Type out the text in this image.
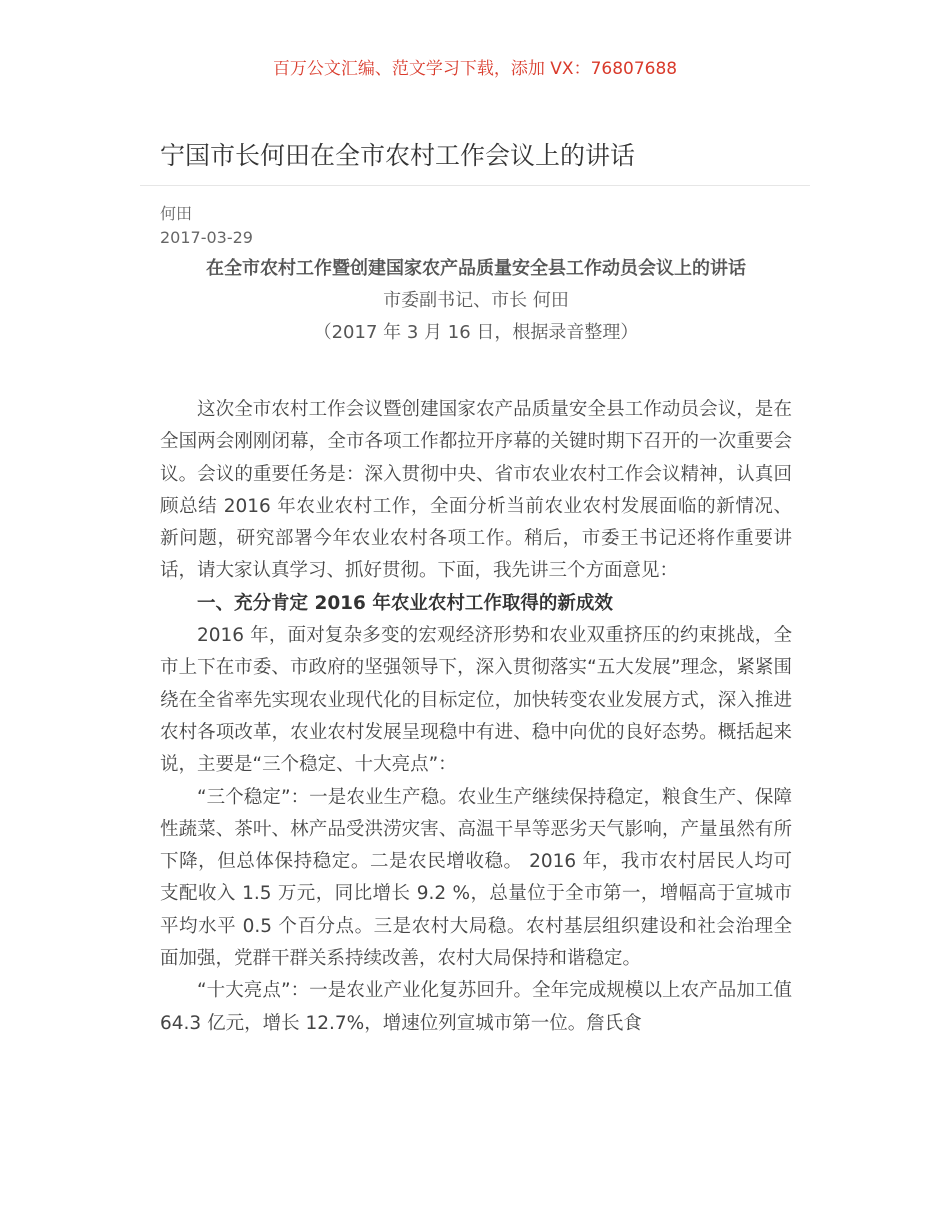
百万公文汇编、范文学习下载，添加 VX：76807688
宁国市长何田在全市农村工作会议上的讲话
何田
2017-03-29
在全市农村工作暨创建国家农产品质量安全县工作动员会议上的讲话
市委副书记、市长 何田
（2017 年 3 月 16 日，根据录音整理）

这次全市农村工作会议暨创建国家农产品质量安全县工作动员会议，是在全国两会刚刚闭幕，全市各项工作都拉开序幕的关键时期下召开的一次重要会议。会议的重要任务是：深入贯彻中央、省市农业农村工作会议精神，认真回顾总结 2016 年农业农村工作，全面分析当前农业农村发展面临的新情况、新问题，研究部署今年农业农村各项工作。稍后，市委王书记还将作重要讲话，请大家认真学习、抓好贯彻。下面，我先讲三个方面意见：

一、充分肯定 2016 年农业农村工作取得的新成效

2016 年，面对复杂多变的宏观经济形势和农业双重挤压的约束挑战，全市上下在市委、市政府的坚强领导下，深入贯彻落实“五大发展”理念，紧紧围绕在全省率先实现农业现代化的目标定位，加快转变农业发展方式，深入推进农村各项改革，农业农村发展呈现稳中有进、稳中向优的良好态势。概括起来说，主要是“三个稳定、十大亮点”：

“三个稳定”：一是农业生产稳。农业生产继续保持稳定，粮食生产、保障性蔬菜、茶叶、林产品受洪涝灾害、高温干旱等恶劣天气影响，产量虽然有所下降，但总体保持稳定。二是农民增收稳。 2016 年，我市农村居民人均可支配收入 1.5 万元，同比增长 9.2 %，总量位于全市第一，增幅高于宣城市平均水平 0.5 个百分点。三是农村大局稳。农村基层组织建设和社会治理全面加强，党群干群关系持续改善，农村大局保持和谐稳定。

“十大亮点”：一是农业产业化复苏回升。全年完成规模以上农产品加工值 64.3 亿元，增长 12.7%，增速位列宣城市第一位。詹氏食
